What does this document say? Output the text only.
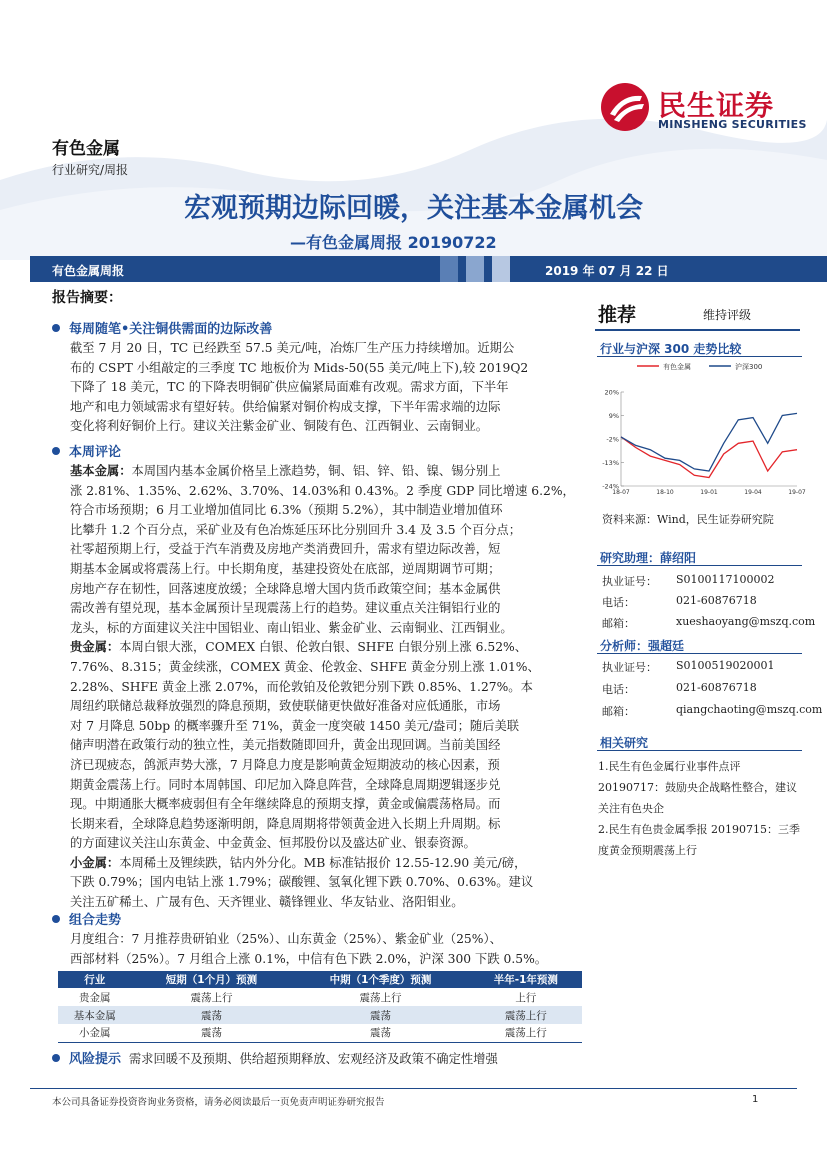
民生证券
MINSHENG SECURITIES
有色金属
行业研究/周报
宏观预期边际回暖，关注基本金属机会
—有色金属周报 20190722
有色金属周报	2019 年 07 月 22 日
报告摘要：
每周随笔•关注铜供需面的边际改善
截至 7 月 20 日，TC 已经跌至 57.5 美元/吨，冶炼厂生产压力持续增加。近期公
布的 CSPT 小组敲定的三季度 TC 地板价为 Mids-50(55 美元/吨上下),较 2019Q2
下降了 18 美元，TC 的下降表明铜矿供应偏紧局面难有改观。需求方面，下半年
地产和电力领域需求有望好转。供给偏紧对铜价构成支撑，下半年需求端的边际
变化将利好铜价上行。建议关注紫金矿业、铜陵有色、江西铜业、云南铜业。
本周评论
基本金属：本周国内基本金属价格呈上涨趋势，铜、铝、锌、铅、镍、锡分别上
涨 2.81%、1.35%、2.62%、3.70%、14.03%和 0.43%。2 季度 GDP 同比增速 6.2%，
符合市场预期；6 月工业增加值同比 6.3%（预期 5.2%），其中制造业增加值环
比攀升 1.2 个百分点，采矿业及有色冶炼延压环比分别回升 3.4 及 3.5 个百分点；
社零超预期上行，受益于汽车消费及房地产类消费回升，需求有望边际改善，短
期基本金属或将震荡上行。中长期角度，基建投资处在底部，逆周期调节可期；
房地产存在韧性，回落速度放缓；全球降息增大国内货币政策空间；基本金属供
需改善有望兑现，基本金属预计呈现震荡上行的趋势。建议重点关注铜铝行业的
龙头，标的方面建议关注中国铝业、南山铝业、紫金矿业、云南铜业、江西铜业。
贵金属：本周白银大涨，COMEX 白银、伦敦白银、SHFE 白银分别上涨 6.52%、
7.76%、8.315；黄金续涨，COMEX 黄金、伦敦金、SHFE 黄金分别上涨 1.01%、
2.28%、SHFE 黄金上涨 2.07%，而伦敦铂及伦敦钯分别下跌 0.85%、1.27%。本
周纽约联储总裁释放强烈的降息预期，致使联储更快做好准备对应低通胀，市场
对 7 月降息 50bp 的概率骤升至 71%，黄金一度突破 1450 美元/盎司；随后美联
储声明潜在政策行动的独立性，美元指数随即回升，黄金出现回调。当前美国经
济已现疲态，鸽派声势大涨，7 月降息力度是影响黄金短期波动的核心因素，预
期黄金震荡上行。同时本周韩国、印尼加入降息阵营，全球降息周期逻辑逐步兑
现。中期通胀大概率疲弱但有全年继续降息的预期支撑，黄金或偏震荡格局。而
长期来看，全球降息趋势逐渐明朗，降息周期将带领黄金进入长期上升周期。标
的方面建议关注山东黄金、中金黄金、恒邦股份以及盛达矿业、银泰资源。
小金属：本周稀土及锂续跌，钴内外分化。MB 标准钴报价 12.55-12.90 美元/磅，
下跌 0.79%；国内电钴上涨 1.79%；碳酸锂、氢氧化锂下跌 0.70%、0.63%。建议
关注五矿稀土、广晟有色、天齐锂业、赣锋锂业、华友钴业、洛阳钼业。
组合走势
月度组合：7 月推荐贵研铂业（25%）、山东黄金（25%）、紫金矿业（25%）、
西部材料（25%）。7 月组合上涨 0.1%，中信有色下跌 2.0%，沪深 300 下跌 0.5%。
行业	短期（1个月）预测	中期（1个季度）预测	半年-1年预测
贵金属	震荡上行	震荡上行	上行
基本金属	震荡	震荡	震荡上行
小金属	震荡	震荡	震荡上行
风险提示 需求回暖不及预期、供给超预期释放、宏观经济及政策不确定性增强
推荐	维持评级
行业与沪深 300 走势比较
有色金属	沪深300
20%
9%
-2%
-13%
-24%
18-07	18-10	19-01	19-04	19-07
资料来源：Wind，民生证券研究院
研究助理：薛绍阳
执业证号： S0100117100002
电话：	021-60876718
邮箱：	xueshaoyang@mszq.com
分析师：强超廷
执业证号： S0100519020001
电话：	021-60876718
邮箱：	qiangchaoting@mszq.com
相关研究
1.民生有色金属行业事件点评
20190717：鼓励央企战略性整合，建议
关注有色央企
2.民生有色贵金属季报 20190715：三季
度黄金预期震荡上行
本公司具备证券投资咨询业务资格，请务必阅读最后一页免责声明证券研究报告	1
